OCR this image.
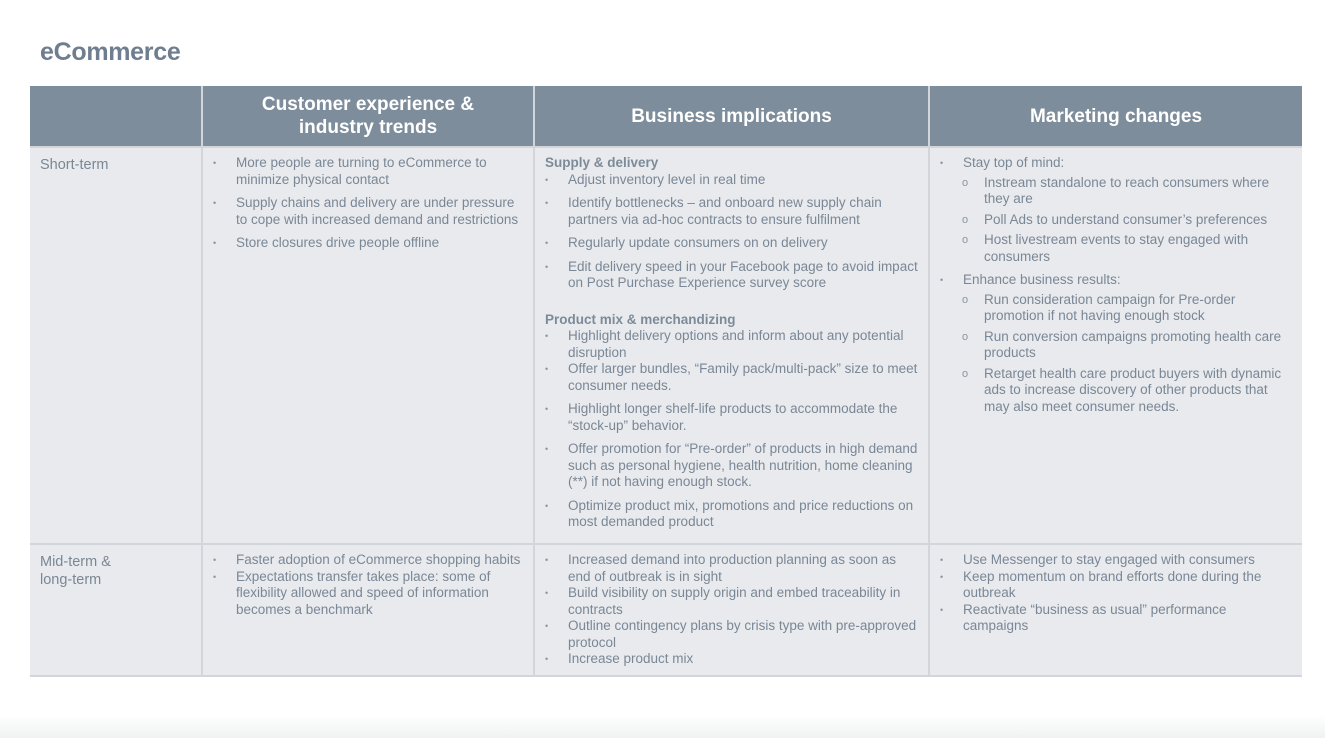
eCommerce
Customer experience & industry trends
Business implications	Marketing changes
Short-term
•	More people are turning to eCommerce to minimize physical contact
• Supply chains and delivery are under pressure to cope with increased demand and restrictions
• Store closures drive people offline
Supply & delivery
• Adjust inventory level in real time
• Identify bottlenecks – and onboard new supply chain partners via ad-hoc contracts to ensure fulfilment
• Regularly update consumers on on delivery
• Edit delivery speed in your Facebook page to avoid impact on Post Purchase Experience survey score
Product mix & merchandizing
• Highlight delivery options and inform about any potential disruption
• Offer larger bundles, “Family pack/multi-pack” size to meet consumer needs.
• Highlight longer shelf-life products to accommodate the “stock-up” behavior.
• Offer promotion for “Pre-order” of products in high demand such as personal hygiene, health nutrition, home cleaning (**) if not having enough stock.
• Optimize product mix, promotions and price reductions on most demanded product
• Stay top of mind:
o Instream standalone to reach consumers where they are
o Poll Ads to understand consumer’s preferences
o Host livestream events to stay engaged with consumers
• Enhance business results:
o Run consideration campaign for Pre-order promotion if not having enough stock
o Run conversion campaigns promoting health care products
o Retarget health care product buyers with dynamic ads to increase discovery of other products that may also meet consumer needs.
Mid-term & long-term
• Faster adoption of eCommerce shopping habits
• Expectations transfer takes place: some of flexibility allowed and speed of information becomes a benchmark
• Increased demand into production planning as soon as end of outbreak is in sight
• Build visibility on supply origin and embed traceability in contracts
• Outline contingency plans by crisis type with pre-approved protocol
• Increase product mix
• Use Messenger to stay engaged with consumers
• Keep momentum on brand efforts done during the outbreak
• Reactivate “business as usual” performance campaigns
